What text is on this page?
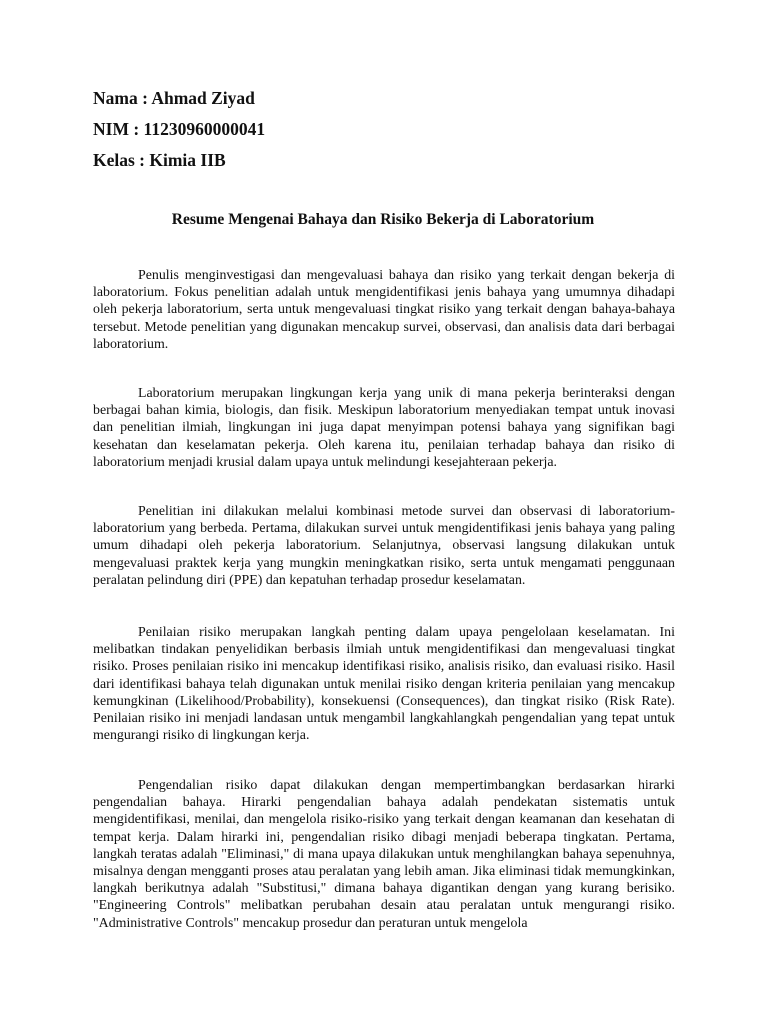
Nama : Ahmad Ziyad
NIM : 11230960000041
Kelas : Kimia IIB
Resume Mengenai Bahaya dan Risiko Bekerja di Laboratorium

Penulis menginvestigasi dan mengevaluasi bahaya dan risiko yang terkait dengan bekerja di laboratorium. Fokus penelitian adalah untuk mengidentifikasi jenis bahaya yang umumnya dihadapi oleh pekerja laboratorium, serta untuk mengevaluasi tingkat risiko yang terkait dengan bahaya-bahaya tersebut. Metode penelitian yang digunakan mencakup survei, observasi, dan analisis data dari berbagai laboratorium.

Laboratorium merupakan lingkungan kerja yang unik di mana pekerja berinteraksi dengan berbagai bahan kimia, biologis, dan fisik. Meskipun laboratorium menyediakan tempat untuk inovasi dan penelitian ilmiah, lingkungan ini juga dapat menyimpan potensi bahaya yang signifikan bagi kesehatan dan keselamatan pekerja. Oleh karena itu, penilaian terhadap bahaya dan risiko di laboratorium menjadi krusial dalam upaya untuk melindungi kesejahteraan pekerja.

Penelitian ini dilakukan melalui kombinasi metode survei dan observasi di laboratorium-laboratorium yang berbeda. Pertama, dilakukan survei untuk mengidentifikasi jenis bahaya yang paling umum dihadapi oleh pekerja laboratorium. Selanjutnya, observasi langsung dilakukan untuk mengevaluasi praktek kerja yang mungkin meningkatkan risiko, serta untuk mengamati penggunaan peralatan pelindung diri (PPE) dan kepatuhan terhadap prosedur keselamatan.

Penilaian risiko merupakan langkah penting dalam upaya pengelolaan keselamatan. Ini melibatkan tindakan penyelidikan berbasis ilmiah untuk mengidentifikasi dan mengevaluasi tingkat risiko. Proses penilaian risiko ini mencakup identifikasi risiko, analisis risiko, dan evaluasi risiko. Hasil dari identifikasi bahaya telah digunakan untuk menilai risiko dengan kriteria penilaian yang mencakup kemungkinan (Likelihood/Probability), konsekuensi (Consequences), dan tingkat risiko (Risk Rate). Penilaian risiko ini menjadi landasan untuk mengambil langkahlangkah pengendalian yang tepat untuk mengurangi risiko di lingkungan kerja.

Pengendalian risiko dapat dilakukan dengan mempertimbangkan berdasarkan hirarki pengendalian bahaya. Hirarki pengendalian bahaya adalah pendekatan sistematis untuk mengidentifikasi, menilai, dan mengelola risiko-risiko yang terkait dengan keamanan dan kesehatan di tempat kerja. Dalam hirarki ini, pengendalian risiko dibagi menjadi beberapa tingkatan. Pertama, langkah teratas adalah "Eliminasi," di mana upaya dilakukan untuk menghilangkan bahaya sepenuhnya, misalnya dengan mengganti proses atau peralatan yang lebih aman. Jika eliminasi tidak memungkinkan, langkah berikutnya adalah "Substitusi," dimana bahaya digantikan dengan yang kurang berisiko. "Engineering Controls" melibatkan perubahan desain atau peralatan untuk mengurangi risiko. "Administrative Controls" mencakup prosedur dan peraturan untuk mengelola
